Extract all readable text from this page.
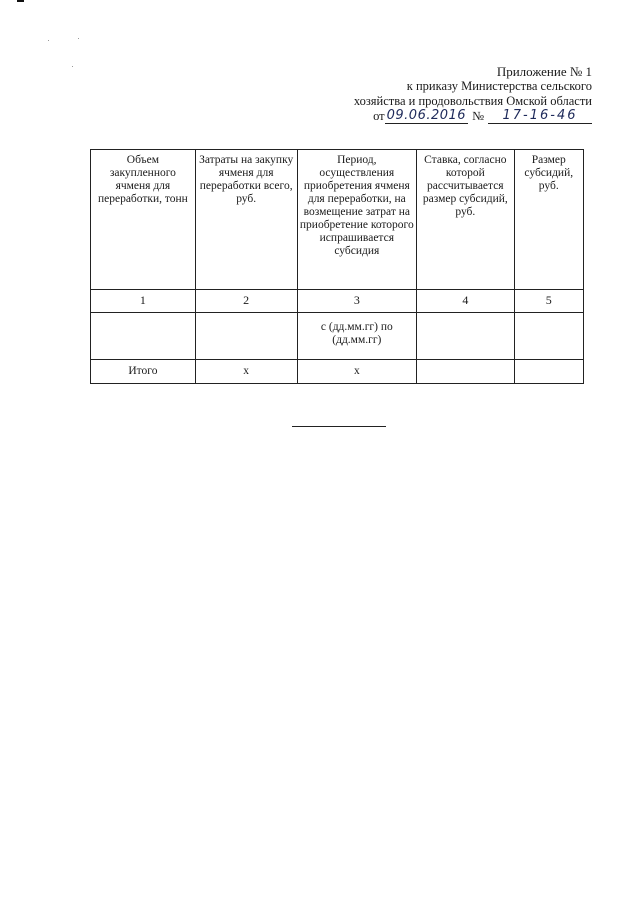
Приложение № 1
к приказу Министерства сельского
хозяйства и продовольствия Омской области
от 09.06.2016 №	17-16-46
Объем закупленного ячменя для переработки, тонн	Затраты на закупку ячменя для переработки всего, руб.	Период, осуществления приобретения ячменя для переработки, на возмещение затрат на приобретение которого испрашивается субсидия	Ставка, согласно которой рассчитывается размер субсидий, руб.	Размер субсидий, руб.
1	2	3	4	5
		с (дд.мм.гг) по (дд.мм.гг)		
Итого	x	x		
